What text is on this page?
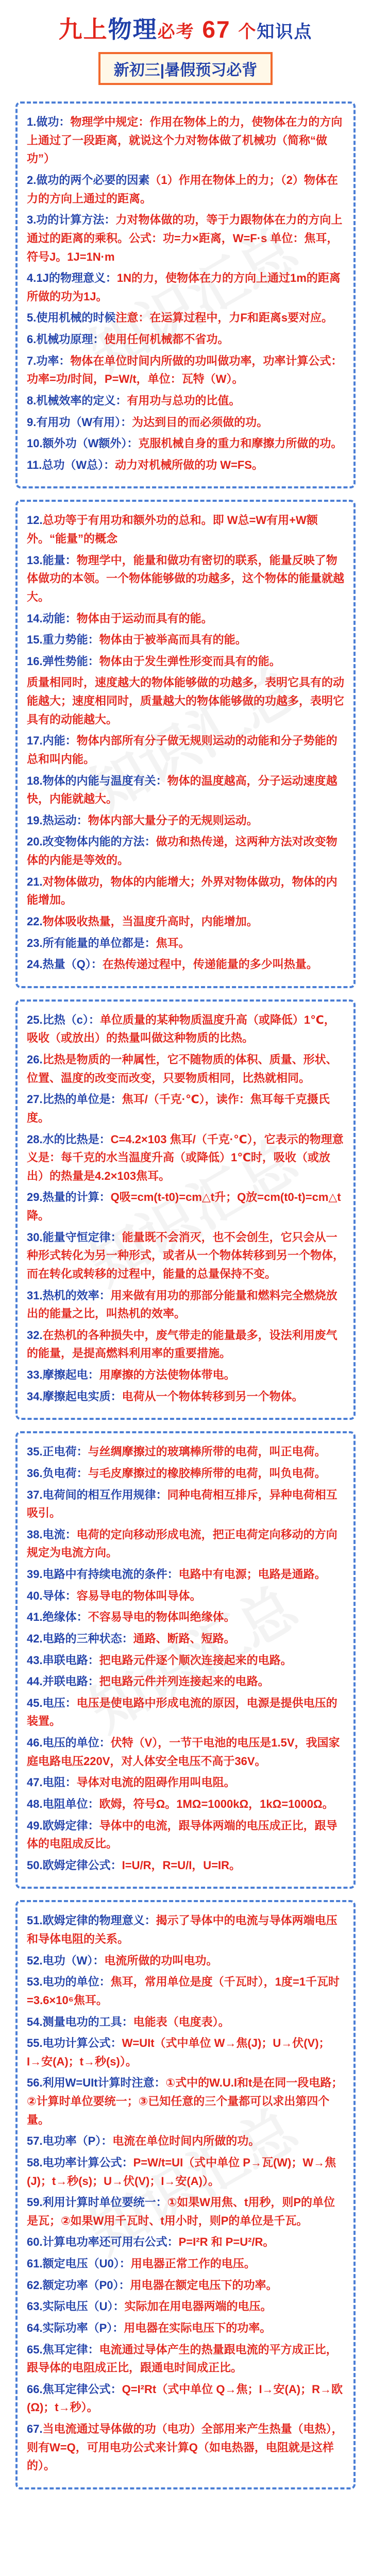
九上物理必考 67 个知识点
新初三|暑假预习必背
1.做功：物理学中规定：作用在物体上的力，使物体在力的方向上通过了一段距离，就说这个力对物体做了机械功（简称“做功”）
2.做功的两个必要的因素（1）作用在物体上的力；（2）物体在力的方向上通过的距离。
3.功的计算方法：力对物体做的功，等于力跟物体在力的方向上通过的距离的乘积。公式：功=力×距离，W=F·s 单位：焦耳，符号J。1J=1N·m
4.1J的物理意义：1N的力，使物体在力的方向上通过1m的距离所做的功为1J。
5.使用机械的时候注意：在运算过程中，力F和距离s要对应。
6.机械功原理：使用任何机械都不省功。
7.功率：物体在单位时间内所做的功叫做功率，功率计算公式：功率=功/时间，P=W/t，单位：瓦特（W）。
8.机械效率的定义：有用功与总功的比值。
9.有用功（W有用）：为达到目的而必须做的功。
10.额外功（W额外）：克服机械自身的重力和摩擦力所做的功。
11.总功（W总）：动力对机械所做的功 W=FS。
12.总功等于有用功和额外功的总和。即 W总=W有用+W额外。“能量”的概念
13.能量：物理学中，能量和做功有密切的联系，能量反映了物体做功的本领。一个物体能够做的功越多，这个物体的能量就越大。
14.动能：物体由于运动而具有的能。
15.重力势能：物体由于被举高而具有的能。
16.弹性势能：物体由于发生弹性形变而具有的能。
质量相同时，速度越大的物体能够做的功越多，表明它具有的动能越大；速度相同时，质量越大的物体能够做的功越多，表明它具有的动能越大。
17.内能：物体内部所有分子做无规则运动的动能和分子势能的总和叫内能。
18.物体的内能与温度有关：物体的温度越高，分子运动速度越快，内能就越大。
19.热运动：物体内部大量分子的无规则运动。
20.改变物体内能的方法：做功和热传递，这两种方法对改变物体的内能是等效的。
21.对物体做功，物体的内能增大；外界对物体做功，物体的内能增加。
22.物体吸收热量，当温度升高时，内能增加。
23.所有能量的单位都是：焦耳。
24.热量（Q）：在热传递过程中，传递能量的多少叫热量。
25.比热（c）：单位质量的某种物质温度升高（或降低）1℃，吸收（或放出）的热量叫做这种物质的比热。
26.比热是物质的一种属性，它不随物质的体积、质量、形状、位置、温度的改变而改变，只要物质相同，比热就相同。
27.比热的单位是：焦耳/（千克·℃），读作：焦耳每千克摄氏度。
28.水的比热是：C=4.2×103 焦耳/（千克·℃），它表示的物理意义是：每千克的水当温度升高（或降低）1℃时，吸收（或放出）的热量是4.2×103焦耳。
29.热量的计算：Q吸=cm(t-t0)=cm△t升；Q放=cm(t0-t)=cm△t降。
30.能量守恒定律：能量既不会消灭，也不会创生，它只会从一种形式转化为另一种形式，或者从一个物体转移到另一个物体，而在转化或转移的过程中，能量的总量保持不变。
31.热机的效率：用来做有用功的那部分能量和燃料完全燃烧放出的能量之比，叫热机的效率。
32.在热机的各种损失中，废气带走的能量最多，设法利用废气的能量，是提高燃料利用率的重要措施。
33.摩擦起电：用摩擦的方法使物体带电。
34.摩擦起电实质：电荷从一个物体转移到另一个物体。
35.正电荷：与丝绸摩擦过的玻璃棒所带的电荷，叫正电荷。
36.负电荷：与毛皮摩擦过的橡胶棒所带的电荷，叫负电荷。
37.电荷间的相互作用规律：同种电荷相互排斥，异种电荷相互吸引。
38.电流：电荷的定向移动形成电流，把正电荷定向移动的方向规定为电流方向。
39.电路中有持续电流的条件：电路中有电源；电路是通路。
40.导体：容易导电的物体叫导体。
41.绝缘体：不容易导电的物体叫绝缘体。
42.电路的三种状态：通路、断路、短路。
43.串联电路：把电路元件逐个顺次连接起来的电路。
44.并联电路：把电路元件并列连接起来的电路。
45.电压：电压是使电路中形成电流的原因，电源是提供电压的装置。
46.电压的单位：伏特（V），一节干电池的电压是1.5V，我国家庭电路电压220V，对人体安全电压不高于36V。
47.电阻：导体对电流的阻碍作用叫电阻。
48.电阻单位：欧姆，符号Ω。1MΩ=1000kΩ，1kΩ=1000Ω。
49.欧姆定律：导体中的电流，跟导体两端的电压成正比，跟导体的电阻成反比。
50.欧姆定律公式：I=U/R，R=U/I，U=IR。
51.欧姆定律的物理意义：揭示了导体中的电流与导体两端电压和导体电阻的关系。
52.电功（W）：电流所做的功叫电功。
53.电功的单位：焦耳，常用单位是度（千瓦时），1度=1千瓦时=3.6×10⁶焦耳。
54.测量电功的工具：电能表（电度表）。
55.电功计算公式：W=UIt（式中单位 W→焦(J)；U→伏(V)；I→安(A)；t→秒(s)）。
56.利用W=UIt计算时注意：①式中的W.U.I和t是在同一段电路；②计算时单位要统一；③已知任意的三个量都可以求出第四个量。
57.电功率（P）：电流在单位时间内所做的功。
58.电功率计算公式：P=W/t=UI（式中单位 P→瓦(W)；W→焦(J)；t→秒(s)；U→伏(V)；I→安(A)）。
59.利用计算时单位要统一：①如果W用焦、t用秒，则P的单位是瓦；②如果W用千瓦时、t用小时，则P的单位是千瓦。
60.计算电功率还可用右公式：P=I²R 和 P=U²/R。
61.额定电压（U0）：用电器正常工作的电压。
62.额定功率（P0）：用电器在额定电压下的功率。
63.实际电压（U）：实际加在用电器两端的电压。
64.实际功率（P）：用电器在实际电压下的功率。
65.焦耳定律：电流通过导体产生的热量跟电流的平方成正比，跟导体的电阻成正比，跟通电时间成正比。
66.焦耳定律公式：Q=I²Rt（式中单位 Q→焦；I→安(A)；R→欧(Ω)；t→秒）。
67.当电流通过导体做的功（电功）全部用来产生热量（电热），则有W=Q，可用电功公式来计算Q（如电热器，电阻就是这样的）。
